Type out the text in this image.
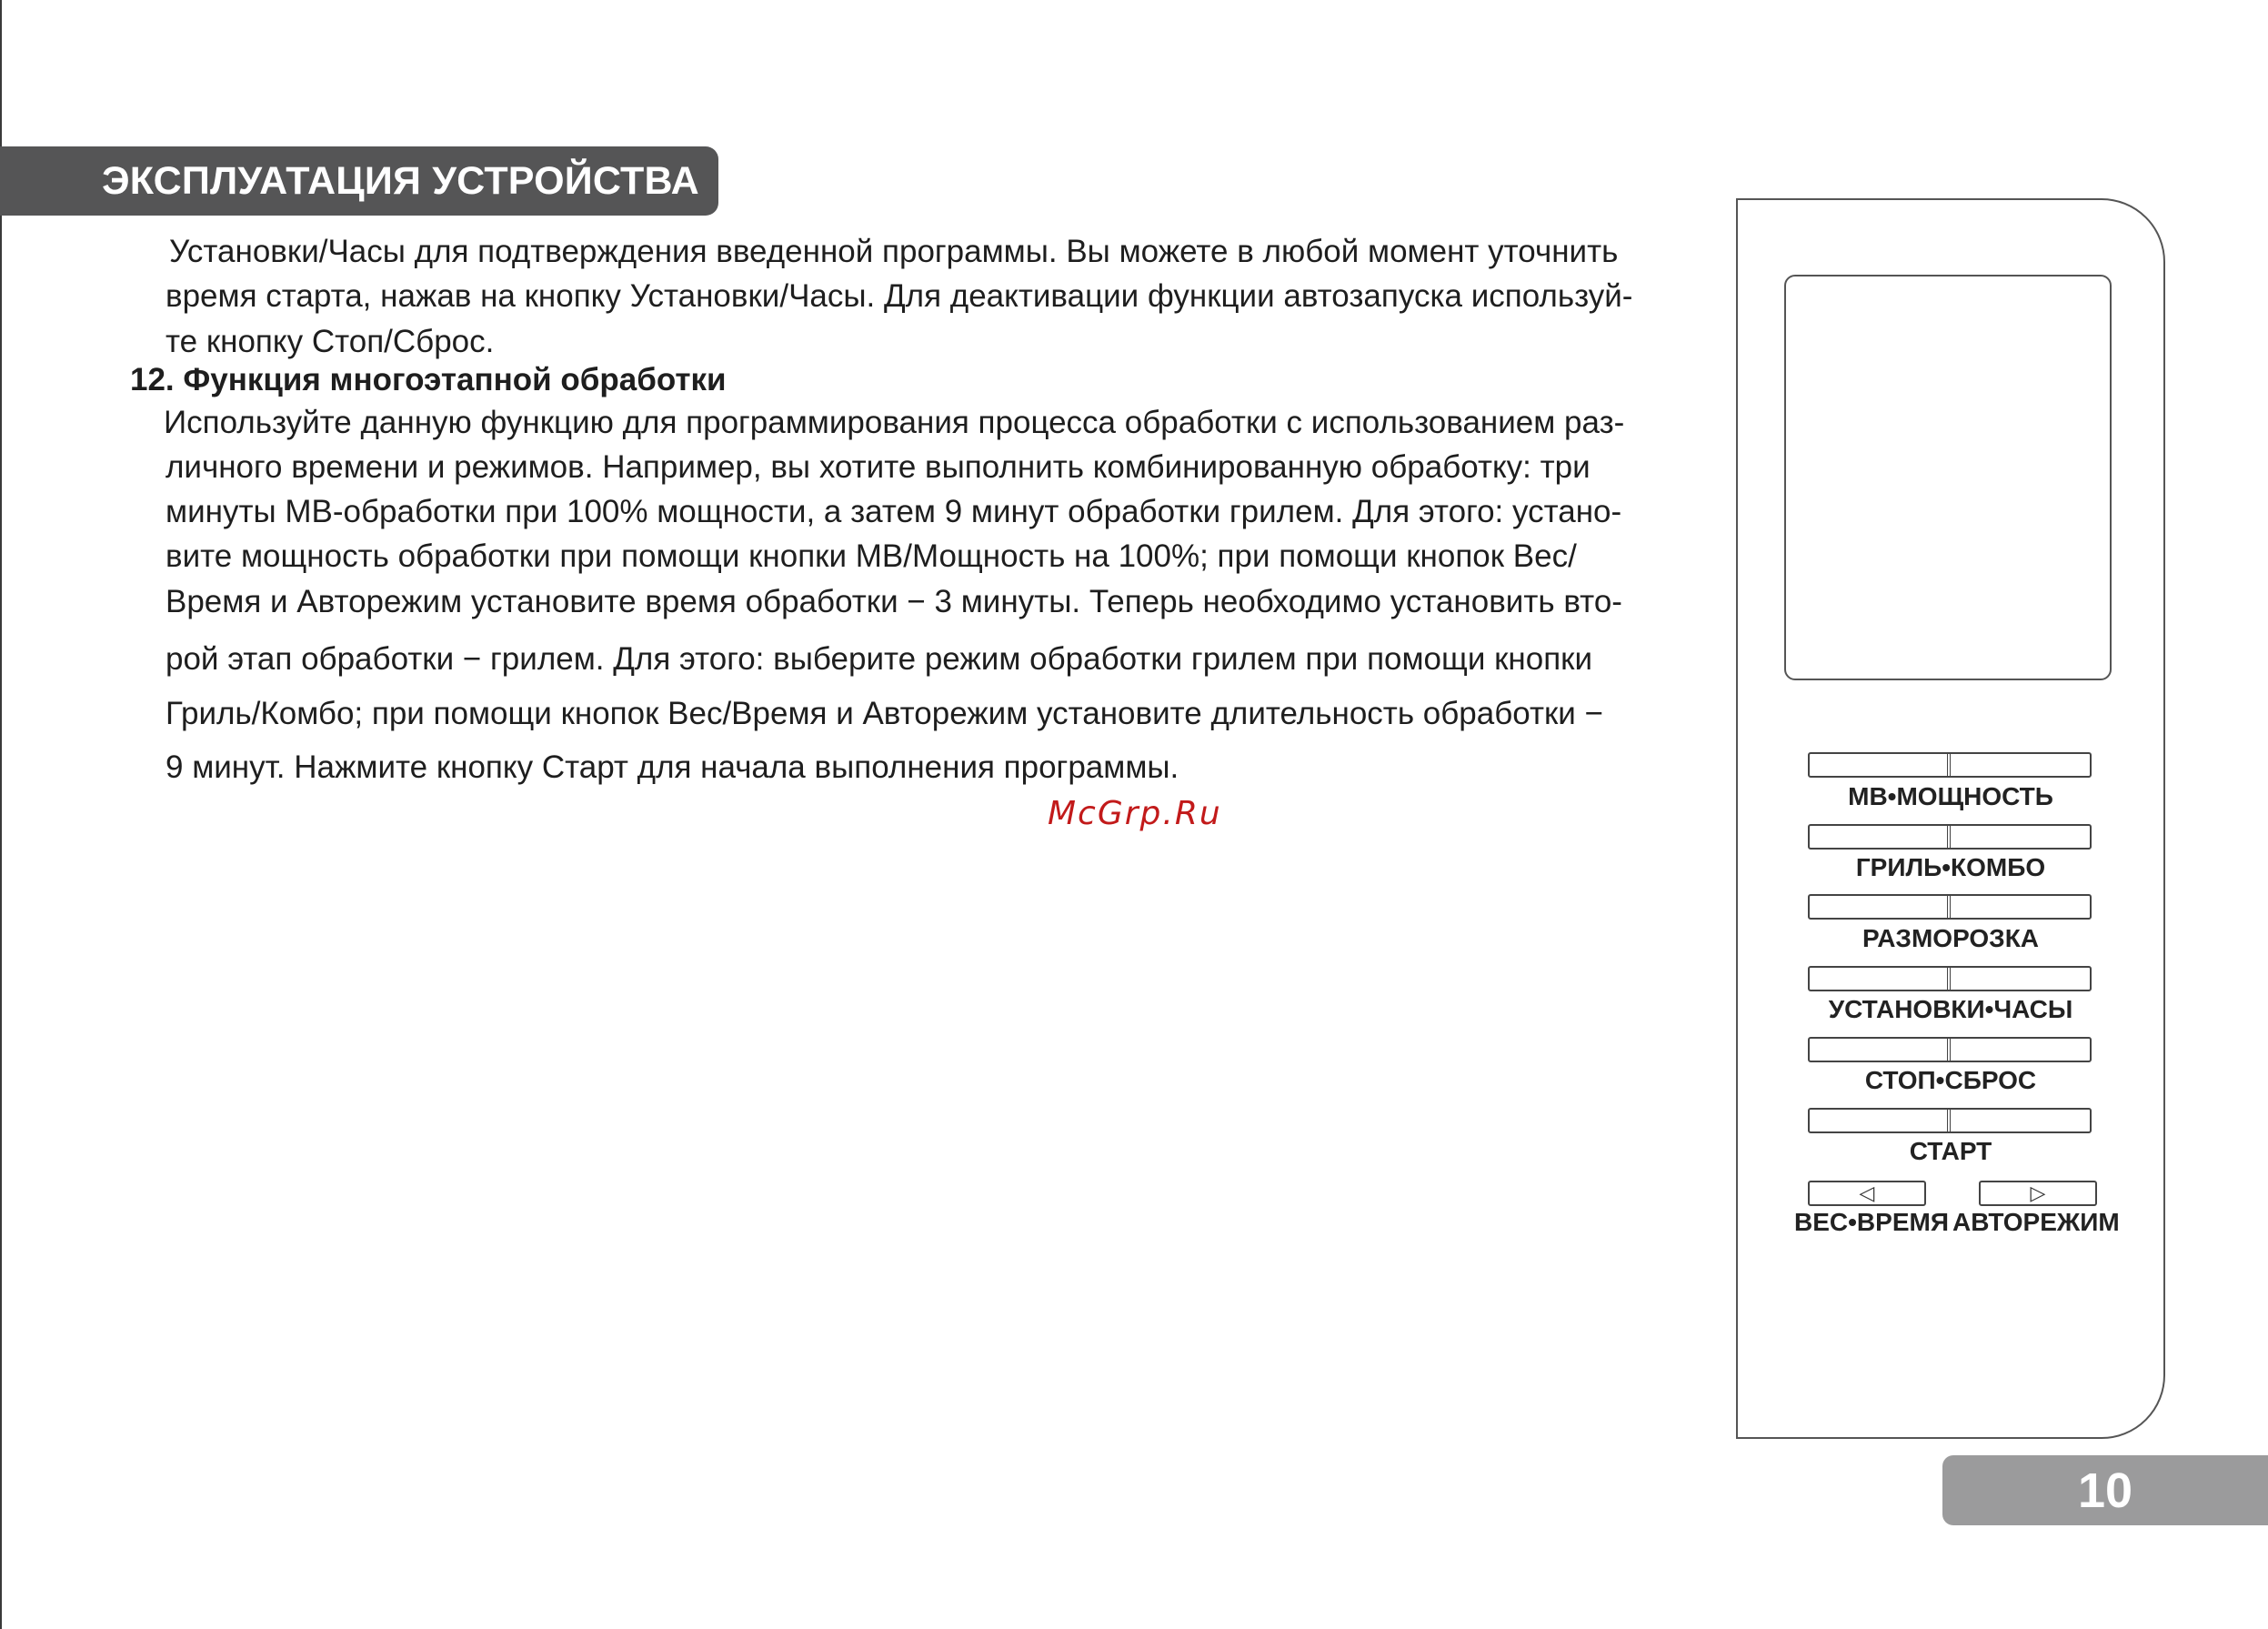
ЭКСПЛУАТАЦИЯ УСТРОЙСТВА
Установки/Часы для подтверждения введенной программы. Вы можете в любой момент уточнить
время старта, нажав на кнопку Установки/Часы. Для деактивации функции автозапуска используй-
те кнопку Стоп/Сброс.
12. Функция многоэтапной обработки
Используйте данную функцию для программирования процесса обработки с использованием раз-
личного времени и режимов. Например, вы хотите выполнить комбинированную обработку: три
минуты МВ-обработки при 100% мощности, а затем 9 минут обработки грилем. Для этого: устано-
вите мощность обработки при помощи кнопки МВ/Мощность на 100%; при помощи кнопок Вес/
Время и Авторежим установите время обработки − 3 минуты. Теперь необходимо установить вто-
рой этап обработки − грилем. Для этого: выберите режим обработки грилем при помощи кнопки
Гриль/Комбо; при помощи кнопок Вес/Время и Авторежим установите длительность обработки −
9 минут. Нажмите кнопку Старт для начала выполнения программы.
McGrp.Ru	МВ•МОЩНОСТЬ
ГРИЛЬ•КОМБО
РАЗМОРОЗКА
УСТАНОВКИ•ЧАСЫ
СТОП•СБРОС
СТАРТ
◁	▷
ВЕС•ВРЕМЯ АВТОРЕЖИМ
10
